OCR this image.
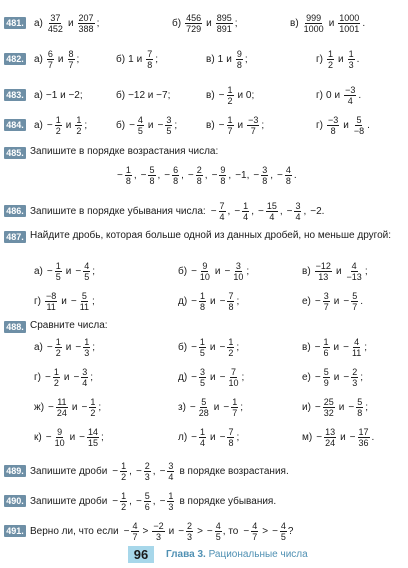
481. $а) \frac{37}{452}$ и $\frac{207}{388}$ ;	$б) \frac{456}{729}$ и $\frac{895}{891}$ ;	$в) \frac{999}{1000}$ и $\frac{1000}{1001}$ .
482. $а) \frac{6}{7}$ и $\frac{8}{7}$ ;	б) 1 и $\frac{7}{8}$ ;	в) 1 и $\frac{9}{8}$ ;	$г) \frac{1}{2}$ и $\frac{1}{3}$ .
483. а) −1 и −2;	б) −12 и −7;	$в) - \frac{1}{2}$ и 0;	г) 0 и $\frac{-3}{4}$ .
484. $а) - \frac{1}{2}$ и $\frac{1}{2}$ ;	$б) - \frac{4}{5}$ $и - \frac{3}{5}$ ;	$в) - \frac{1}{7}$ и $\frac{-3}{7}$ ;	$г) \frac{-3}{8}$ и $\frac{5}{-8}$ .
485. Запишите в порядке возрастания числа:
− $\frac{1}{8}$ , − $\frac{5}{8}$ , − $\frac{6}{8}$ , − $\frac{2}{8}$ , − $\frac{9}{8}$ , −1, − $\frac{3}{8}$ , − $\frac{4}{8}$ .
486. Запишите в порядке убывания числа: − $\frac{7}{4}$ , − $\frac{1}{4}$ , − $\frac{15}{4}$ , − $\frac{3}{4}$ , −2.
487. Найдите дробь, которая больше одной из данных дробей, но меньше другой:
$а) - \frac{1}{5}$ $и - \frac{4}{5}$ ;	$б) - \frac{9}{10}$ $и - \frac{3}{10}$ ;	$в) \frac{-12}{13}$ и $\frac{4}{-13}$ ;
$г) \frac{-8}{11}$ $и - \frac{5}{11}$ ;	$д) - \frac{1}{8}$ $и - \frac{7}{8}$ ;	$е) - \frac{3}{7}$ $и - \frac{5}{7}$ .
488. Сравните числа:
$а) - \frac{1}{2}$ $и - \frac{1}{3}$ ;	$б) - \frac{1}{5}$ $и - \frac{1}{2}$ ;	$в) - \frac{1}{6}$ $и - \frac{4}{11}$ ;
$г) - \frac{1}{2}$ $и - \frac{3}{4}$ ;	$д) - \frac{3}{5}$ $и - \frac{7}{10}$ ;	$е) - \frac{5}{9}$ $и - \frac{2}{3}$ ;
$ж) - \frac{11}{24}$ $и - \frac{1}{2}$ ;	$з) - \frac{5}{28}$ $и - \frac{1}{7}$ ;	$и) - \frac{25}{32}$ $и - \frac{5}{8}$ ;
$к) - \frac{9}{10}$ $и - \frac{14}{15}$ ;	$л) - \frac{1}{4}$ $и - \frac{7}{8}$ ;	$м) - \frac{13}{24}$ $и - \frac{17}{36}$ .
489. Запишите дроби − $\frac{1}{2}$ , − $\frac{2}{3}$ , − $\frac{3}{4}$ в порядке возрастания.
490. Запишите дроби − $\frac{1}{2}$ , − $\frac{5}{6}$ , − $\frac{1}{3}$ в порядке убывания.
491. Верно ли, что если − $\frac{4}{7} > \frac{-2}{3}$ $и - \frac{2}{3}$ > − $\frac{4}{5}$ , то − $\frac{4}{7}$ > − $\frac{4}{5}$ ?
96	Глава 3. Рациональные числа
